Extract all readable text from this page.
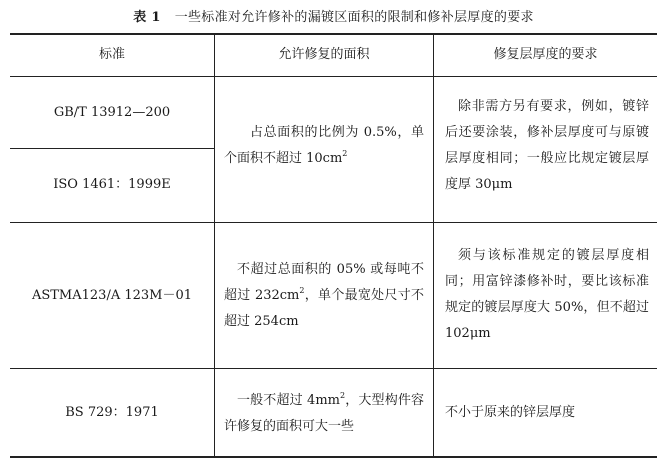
表 1 一些标准对允许修补的漏镀区面积的限制和修补层厚度的要求
标准	允许修复的面积	修复层厚度的要求
GB/T 13912—200
ISO 1461：1999E
占总面积的比例为 0.5%，单个面积不超过 $10cm^2$
除非需方另有要求，例如，镀锌后还要涂装，修补层厚度可与原镀层厚度相同；一般应比规定镀层厚度厚 30μm
ASTMA123/A 123M－01
不超过总面积的 05% 或每吨不超过 $232cm^2$，单个最宽处尺寸不超过 254cm
须与该标准规定的镀层厚度相同；用富锌漆修补时，要比该标准规定的镀层厚度大 50%，但不超过 102μm
BS 729：1971
一般不超过 $4mm^2$，大型构件容许修复的面积可大一些
不小于原来的锌层厚度
